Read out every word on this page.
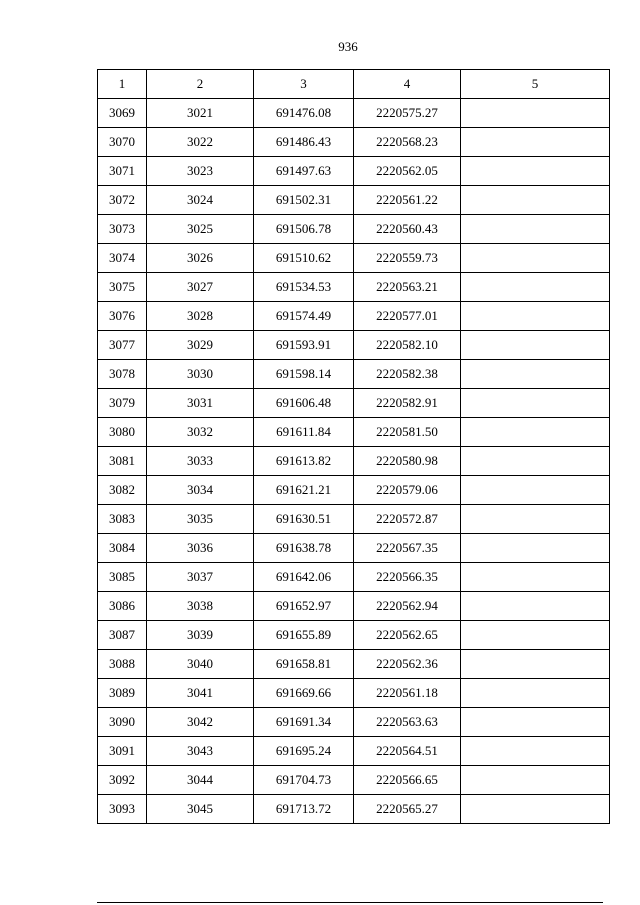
936
1	2	3	4	5
3069	3021	691476.08	2220575.27	
3070	3022	691486.43	2220568.23	
3071	3023	691497.63	2220562.05	
3072	3024	691502.31	2220561.22	
3073	3025	691506.78	2220560.43	
3074	3026	691510.62	2220559.73	
3075	3027	691534.53	2220563.21	
3076	3028	691574.49	2220577.01	
3077	3029	691593.91	2220582.10	
3078	3030	691598.14	2220582.38	
3079	3031	691606.48	2220582.91	
3080	3032	691611.84	2220581.50	
3081	3033	691613.82	2220580.98	
3082	3034	691621.21	2220579.06	
3083	3035	691630.51	2220572.87	
3084	3036	691638.78	2220567.35	
3085	3037	691642.06	2220566.35	
3086	3038	691652.97	2220562.94	
3087	3039	691655.89	2220562.65	
3088	3040	691658.81	2220562.36	
3089	3041	691669.66	2220561.18	
3090	3042	691691.34	2220563.63	
3091	3043	691695.24	2220564.51	
3092	3044	691704.73	2220566.65	
3093	3045	691713.72	2220565.27	
